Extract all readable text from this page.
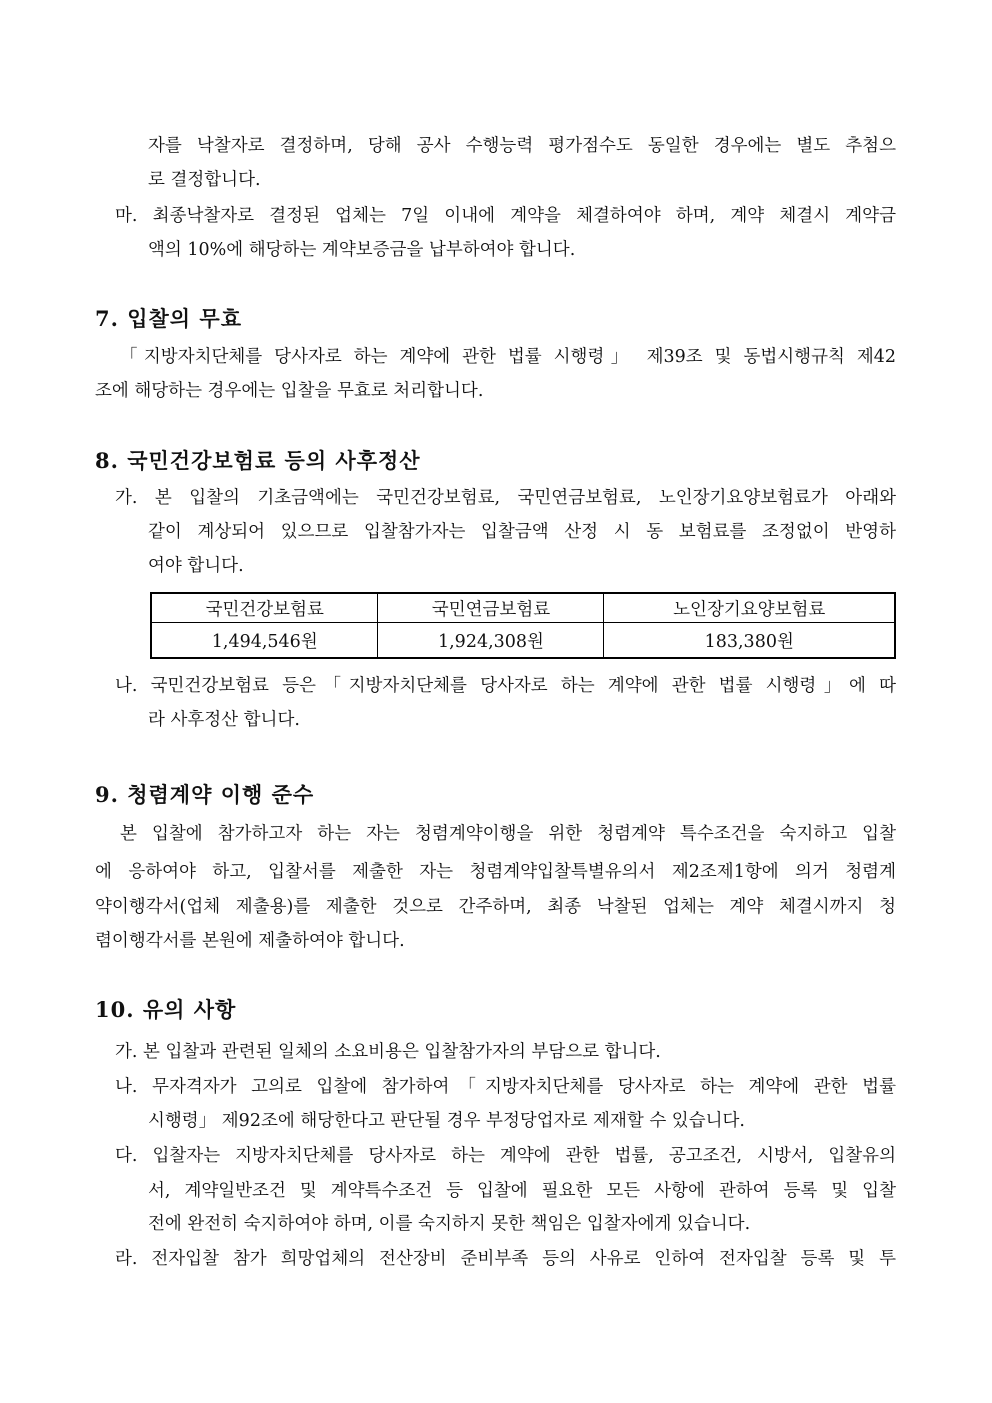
자를 낙찰자로 결정하며, 당해 공사 수행능력 평가점수도 동일한 경우에는 별도 추첨으
로 결정합니다.
마. 최종낙찰자로 결정된 업체는 7일 이내에 계약을 체결하여야 하며, 계약 체결시 계약금
액의 10%에 해당하는 계약보증금을 납부하여야 합니다.
7. 입찰의 무효
「지방자치단체를 당사자로 하는 계약에 관한 법률 시행령」 제39조 및 동법시행규칙 제42
조에 해당하는 경우에는 입찰을 무효로 처리합니다.
8. 국민건강보험료 등의 사후정산
가. 본 입찰의 기초금액에는 국민건강보험료, 국민연금보험료, 노인장기요양보험료가 아래와
같이 계상되어 있으므로 입찰참가자는 입찰금액 산정 시 동 보험료를 조정없이 반영하
여야 합니다.
국민건강보험료	국민연금보험료	노인장기요양보험료
1,494,546원	1,924,308원	183,380원
나. 국민건강보험료 등은「지방자치단체를 당사자로 하는 계약에 관한 법률 시행령」에 따
라 사후정산 합니다.
9. 청렴계약 이행 준수
본 입찰에 참가하고자 하는 자는 청렴계약이행을 위한 청렴계약 특수조건을 숙지하고 입찰
에 응하여야 하고, 입찰서를 제출한 자는 청렴계약입찰특별유의서 제2조제1항에 의거 청렴계
약이행각서(업체 제출용)를 제출한 것으로 간주하며, 최종 낙찰된 업체는 계약 체결시까지 청
렴이행각서를 본원에 제출하여야 합니다.
10. 유의 사항
가. 본 입찰과 관련된 일체의 소요비용은 입찰참가자의 부담으로 합니다.
나. 무자격자가 고의로 입찰에 참가하여「지방자치단체를 당사자로 하는 계약에 관한 법률
시행령」 제92조에 해당한다고 판단될 경우 부정당업자로 제재할 수 있습니다.
다. 입찰자는 지방자치단체를 당사자로 하는 계약에 관한 법률, 공고조건, 시방서, 입찰유의
서, 계약일반조건 및 계약특수조건 등 입찰에 필요한 모든 사항에 관하여 등록 및 입찰
전에 완전히 숙지하여야 하며, 이를 숙지하지 못한 책임은 입찰자에게 있습니다.
라. 전자입찰 참가 희망업체의 전산장비 준비부족 등의 사유로 인하여 전자입찰 등록 및 투
